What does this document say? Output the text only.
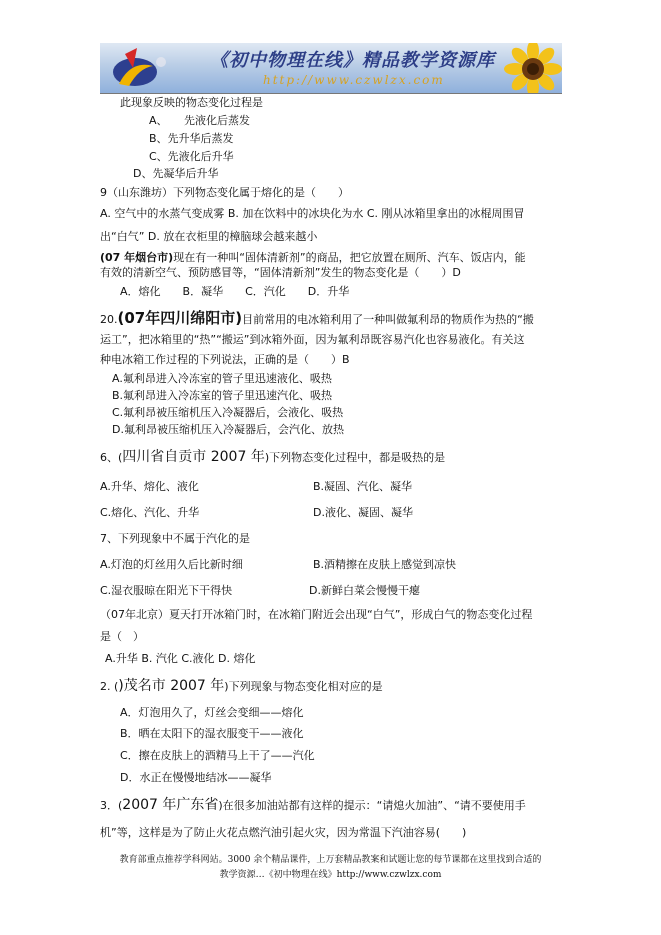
《初中物理在线》精品教学资源库
http://www.czwlzx.com
此现象反映的物态变化过程是
A、　　先液化后蒸发
B、先升华后蒸发
C、先液化后升华
D、先凝华后升华
9（山东潍坊）下列物态变化属于熔化的是（　　）
A. 空气中的水蒸气变成雾 B. 加在饮料中的冰块化为水 C. 刚从冰箱里拿出的冰棍周围冒
出“白气” D. 放在衣柜里的樟脑球会越来越小
(07 年烟台市)现在有一种叫“固体清新剂”的商品，把它放置在厕所、汽车、饭店内，能
有效的清新空气、预防感冒等，“固体清新剂”发生的物态变化是（　　）D
A．熔化　　B．凝华　　C．汽化　　D．升华
20.(07年四川绵阳市)目前常用的电冰箱利用了一种叫做氟利昂的物质作为热的“搬
运工”，把冰箱里的“热”“搬运”到冰箱外面，因为氟利昂既容易汽化也容易液化。有关这
种电冰箱工作过程的下列说法，正确的是（　　）B
A.氟利昂进入冷冻室的管子里迅速液化、吸热
B.氟利昂进入冷冻室的管子里迅速汽化、吸热
C.氟利昂被压缩机压入冷凝器后，会液化、吸热
D.氟利昂被压缩机压入冷凝器后，会汽化、放热
6、(四川省自贡市 2007 年)下列物态变化过程中，都是吸热的是
A.升华、熔化、液化	B.凝固、汽化、凝华
C.熔化、汽化、升华	D.液化、凝固、凝华
7、下列现象中不属于汽化的是
A.灯泡的灯丝用久后比新时细	B.酒精擦在皮肤上感觉到凉快
C.湿衣服晾在阳光下干得快	D.新鲜白菜会慢慢干瘪
（07年北京）夏天打开冰箱门时，在冰箱门附近会出现“白气”，形成白气的物态变化过程
是（　）
A.升华 B. 汽化 C.液化 D. 熔化
2. ()茂名市 2007 年)下列现象与物态变化相对应的是
A．灯泡用久了，灯丝会变细——熔化
B．晒在太阳下的湿衣服变干——液化
C．擦在皮肤上的酒精马上干了——汽化
D．水正在慢慢地结冰——凝华
3．(2007 年广东省)在很多加油站都有这样的提示：“请熄火加油”、“请不要使用手
机”等，这样是为了防止火花点燃汽油引起火灾，因为常温下汽油容易(　　)
教育部重点推荐学科网站。3000 余个精品课件，上万套精品教案和试题让您的每节课都在这里找到合适的
教学资源…《初中物理在线》http://www.czwlzx.com
